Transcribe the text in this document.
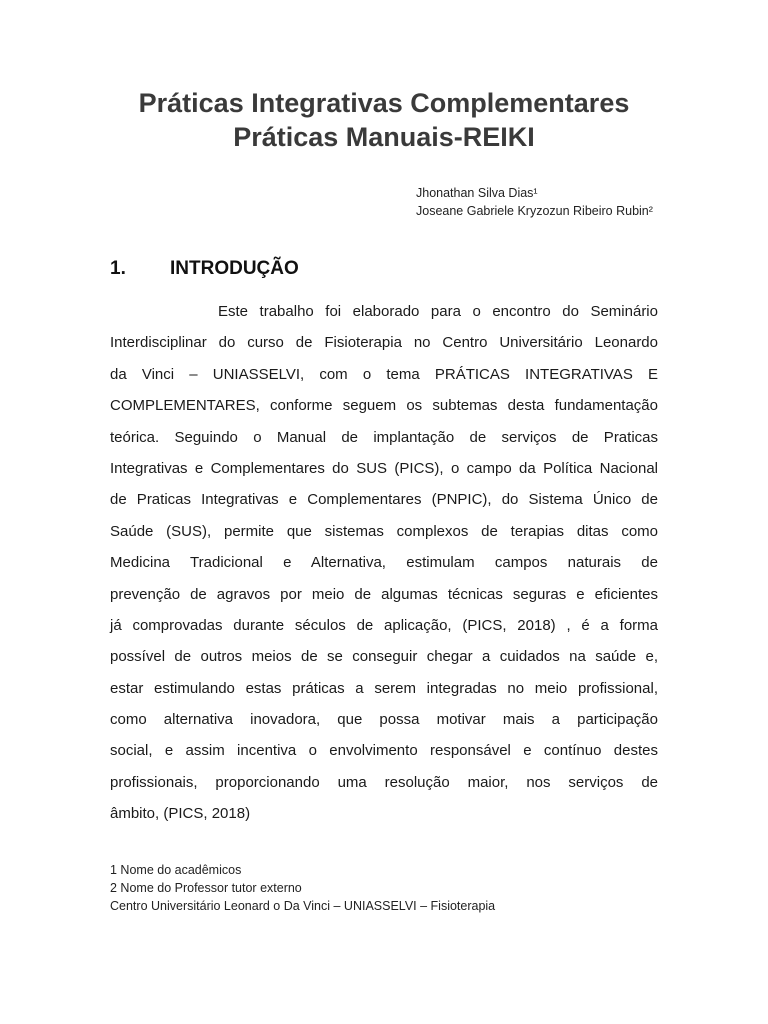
Práticas Integrativas Complementares
Práticas Manuais-REIKI
Jhonathan Silva Dias¹
Joseane Gabriele Kryzozun Ribeiro Rubin²
1. INTRODUÇÃO
Este trabalho foi elaborado para o encontro do Seminário
Interdisciplinar do curso de Fisioterapia no Centro Universitário Leonardo
da Vinci – UNIASSELVI, com o tema PRÁTICAS INTEGRATIVAS E
COMPLEMENTARES, conforme seguem os subtemas desta fundamentação
teórica. Seguindo o Manual de implantação de serviços de Praticas
Integrativas e Complementares do SUS (PICS), o campo da Política Nacional
de Praticas Integrativas e Complementares (PNPIC), do Sistema Único de
Saúde (SUS), permite que sistemas complexos de terapias ditas como
Medicina Tradicional e Alternativa, estimulam campos naturais de
prevenção de agravos por meio de algumas técnicas seguras e eficientes
já comprovadas durante séculos de aplicação, (PICS, 2018) , é a forma
possível de outros meios de se conseguir chegar a cuidados na saúde e,
estar estimulando estas práticas a serem integradas no meio profissional,
como alternativa inovadora, que possa motivar mais a participação
social, e assim incentiva o envolvimento responsável e contínuo destes
profissionais, proporcionando uma resolução maior, nos serviços de
âmbito, (PICS, 2018)
1 Nome do acadêmicos
2 Nome do Professor tutor externo
Centro Universitário Leonard o Da Vinci – UNIASSELVI – Fisioterapia
